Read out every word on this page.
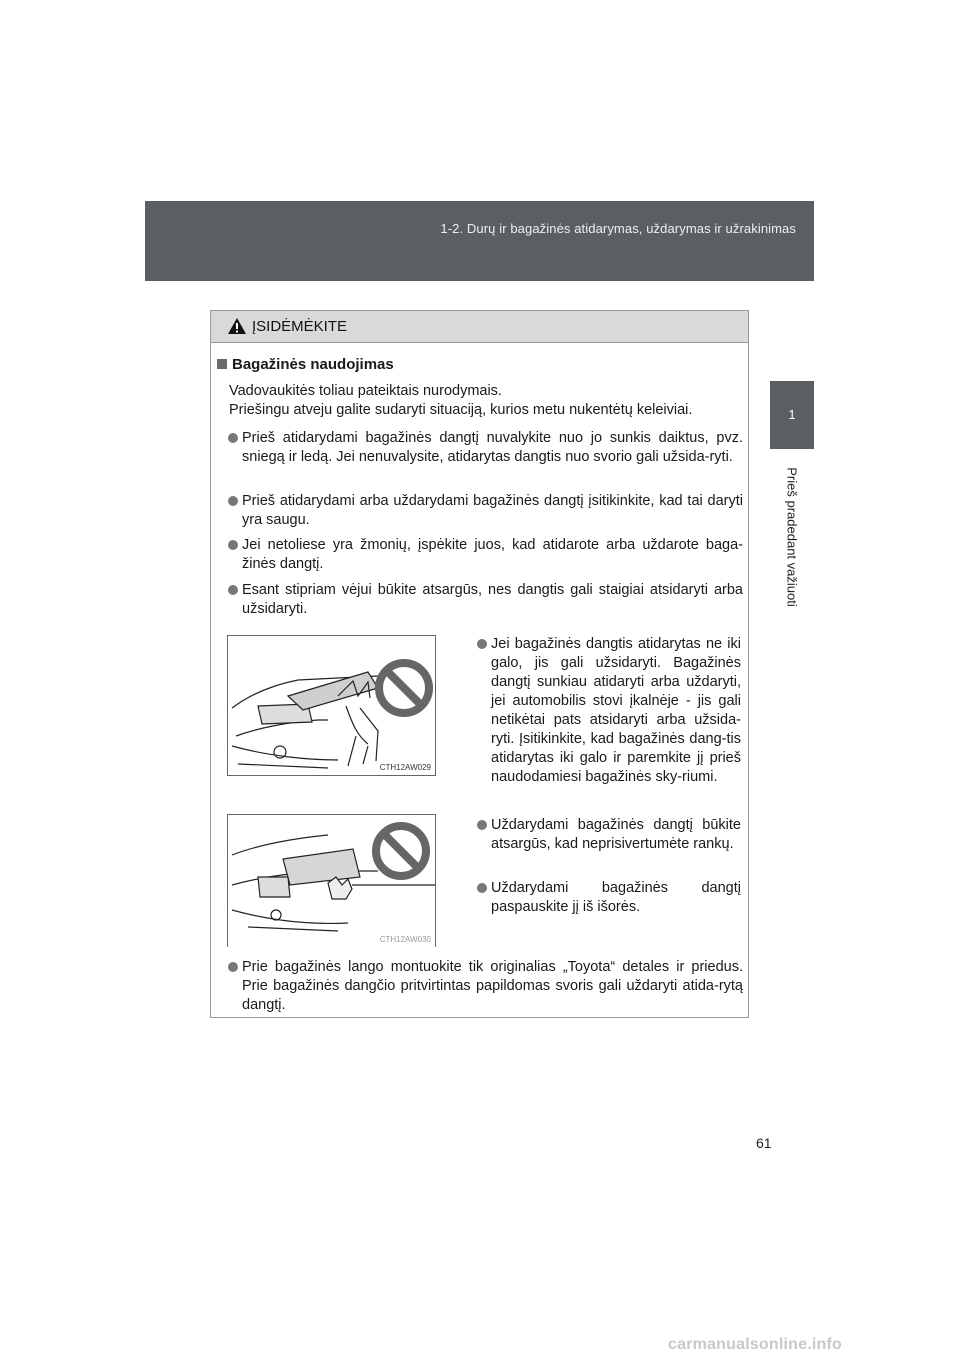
1-2. Durų ir bagažinės atidarymas, uždarymas ir užrakinimas
1
Prieš pradedant važiuoti
ĮSIDĖMĖKITE
Bagažinės naudojimas
Vadovaukitės toliau pateiktais nurodymais.
Priešingu atveju galite sudaryti situaciją, kurios metu nukentėtų keleiviai.
Prieš atidarydami bagažinės dangtį nuvalykite nuo jo sunkis daiktus, pvz. sniegą ir ledą. Jei nenuvalysite, atidarytas dangtis nuo svorio gali užsida-ryti.
Prieš atidarydami arba uždarydami bagažinės dangtį įsitikinkite, kad tai daryti yra saugu.
Jei netoliese yra žmonių, įspėkite juos, kad atidarote arba uždarote baga-žinės dangtį.
Esant stipriam vėjui būkite atsargūs, nes dangtis gali staigiai atsidaryti arba užsidaryti.
CTH12AW029
CTH12AW030
Jei bagažinės dangtis atidarytas ne iki galo, jis gali užsidaryti. Bagažinės dangtį sunkiau atidaryti arba uždaryti, jei automobilis stovi įkalnėje - jis gali netikėtai pats atsidaryti arba užsida-ryti. Įsitikinkite, kad bagažinės dang-tis atidarytas iki galo ir paremkite jį prieš naudodamiesi bagažinės sky-riumi.
Uždarydami bagažinės dangtį būkite atsargūs, kad neprisivertumėte rankų.
Uždarydami bagažinės dangtį paspauskite jį iš išorės.
Prie bagažinės lango montuokite tik originalias „Toyota“ detales ir priedus. Prie bagažinės dangčio pritvirtintas papildomas svoris gali uždaryti atida-rytą dangtį.
61
carmanualsonline.info
